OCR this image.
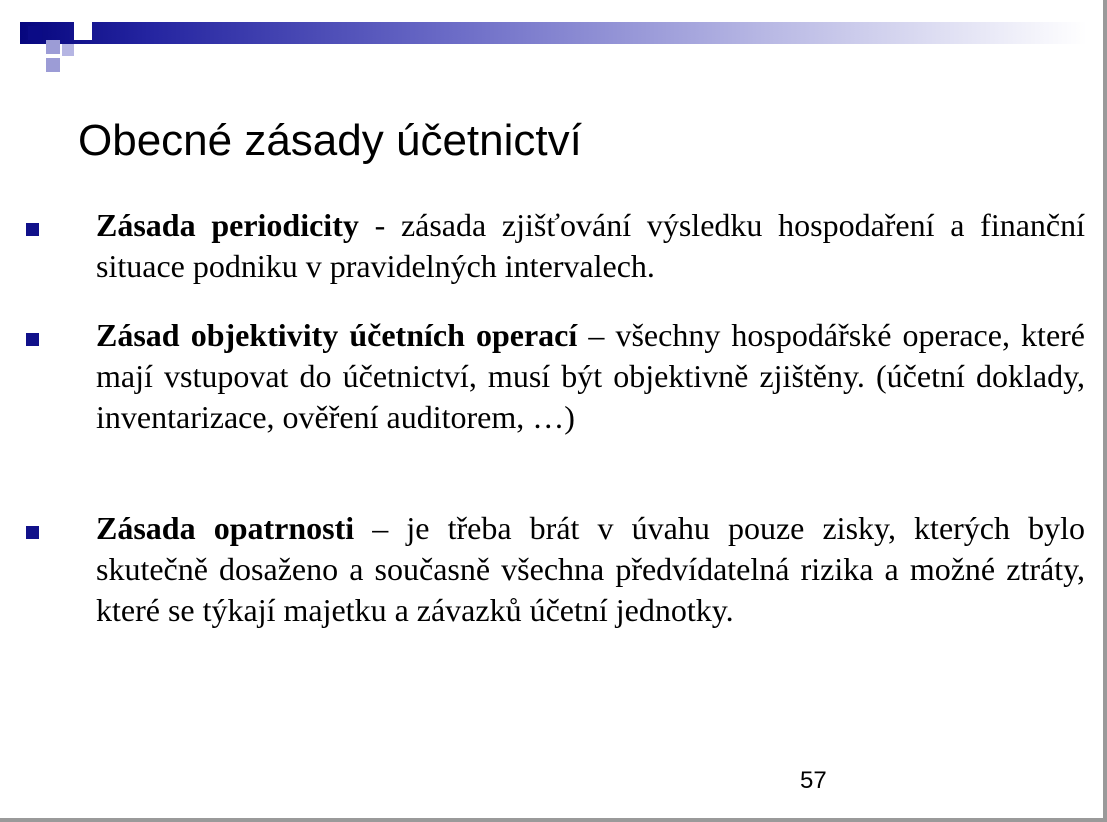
Obecné zásady účetnictví
Zásada periodicity - zásada zjišťování výsledku hospodaření a finanční situace podniku v pravidelných intervalech.
Zásad objektivity účetních operací – všechny hospodářské operace, které mají vstupovat do účetnictví, musí být objektivně zjištěny. (účetní doklady, inventarizace, ověření auditorem, …)
Zásada opatrnosti – je třeba brát v úvahu pouze zisky, kterých bylo skutečně dosaženo a současně všechna předvídatelná rizika a možné ztráty, které se týkají majetku a závazků účetní jednotky.
57
